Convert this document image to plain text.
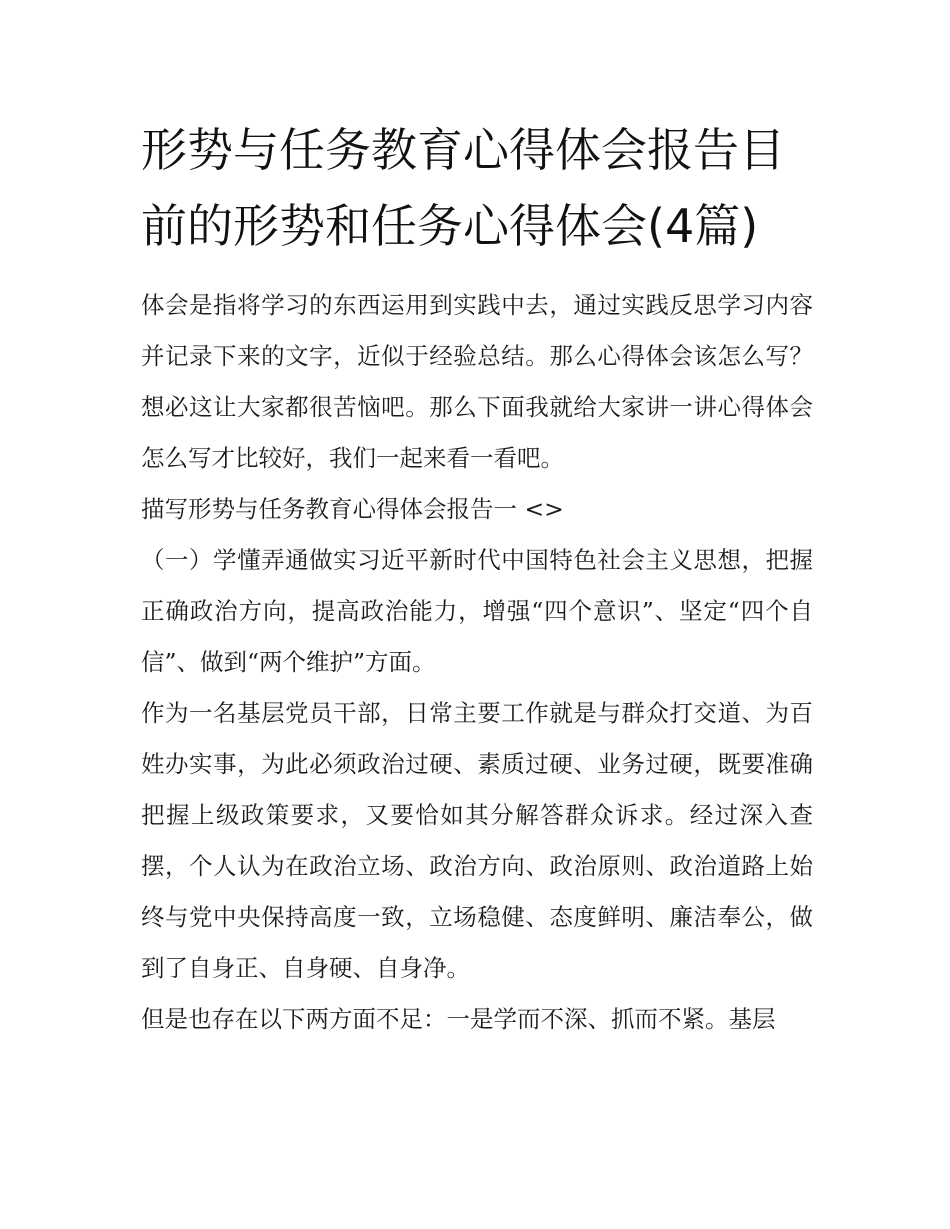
形势与任务教育心得体会报告目前的形势和任务心得体会(4篇)

体会是指将学习的东西运用到实践中去，通过实践反思学习内容并记录下来的文字，近似于经验总结。那么心得体会该怎么写？想必这让大家都很苦恼吧。那么下面我就给大家讲一讲心得体会怎么写才比较好，我们一起来看一看吧。

描写形势与任务教育心得体会报告一 <>

（一）学懂弄通做实习近平新时代中国特色社会主义思想，把握正确政治方向，提高政治能力，增强“四个意识”、坚定“四个自信”、做到“两个维护”方面。

作为一名基层党员干部，日常主要工作就是与群众打交道、为百姓办实事，为此必须政治过硬、素质过硬、业务过硬，既要准确把握上级政策要求，又要恰如其分解答群众诉求。经过深入查摆，个人认为在政治立场、政治方向、政治原则、政治道路上始终与党中央保持高度一致，立场稳健、态度鲜明、廉洁奉公，做到了自身正、自身硬、自身净。

但是也存在以下两方面不足：一是学而不深、抓而不紧。基层
